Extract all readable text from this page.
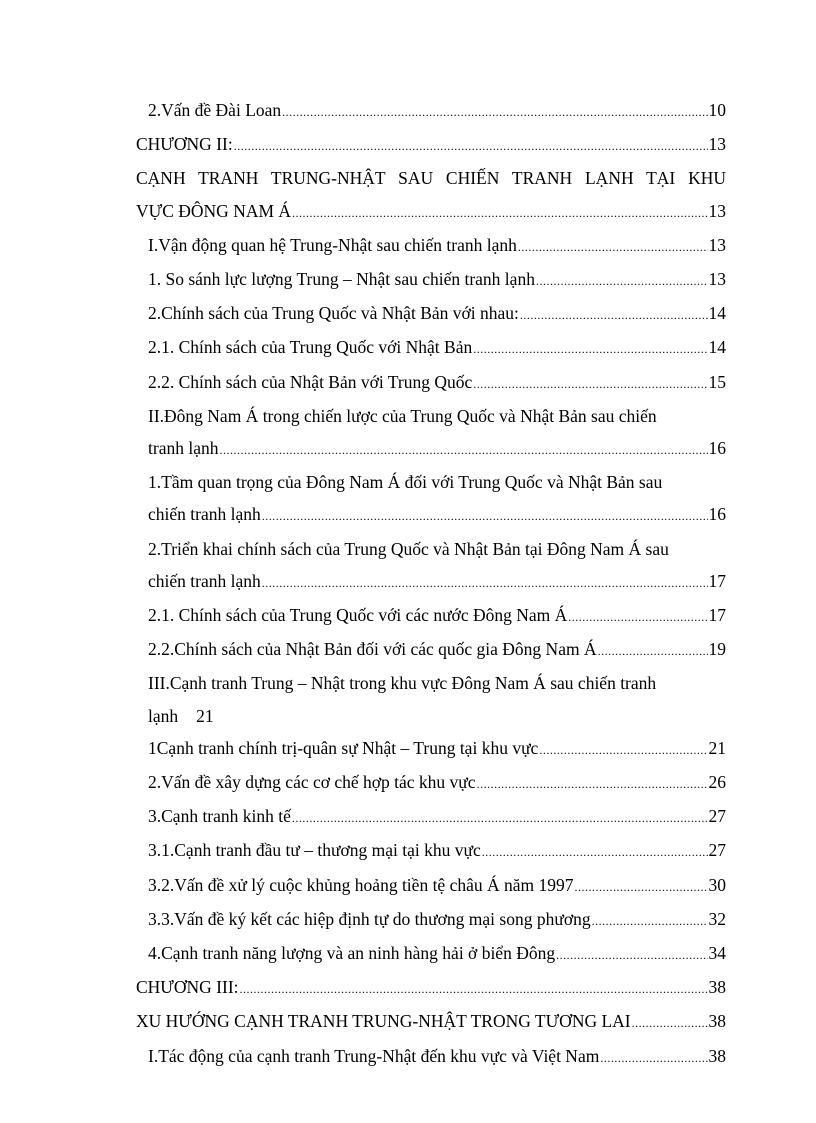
2.Vấn đề Đài Loan .....	10
CHƯƠNG II: .....	13
CẠNH TRANH TRUNG-NHẬT SAU CHIẾN TRANH LẠNH TẠI KHU
VỰC ĐÔNG NAM Á .....	13
I.Vận động quan hệ Trung-Nhật sau chiến tranh lạnh .....	13
1. So sánh lực lượng Trung – Nhật sau chiến tranh lạnh .....	13
2.Chính sách của Trung Quốc và Nhật Bản với nhau: .....	14
2.1. Chính sách của Trung Quốc với Nhật Bản .....	14
2.2. Chính sách của Nhật Bản với Trung Quốc .....	15
II.Đông Nam Á trong chiến lược của Trung Quốc và Nhật Bản sau chiến
tranh lạnh .....	16
1.Tầm quan trọng của Đông Nam Á đối với Trung Quốc và Nhật Bản sau
chiến tranh lạnh .....	16
2.Triển khai chính sách của Trung Quốc và Nhật Bản tại Đông Nam Á sau
chiến tranh lạnh .....	17
2.1. Chính sách của Trung Quốc với các nước Đông Nam Á .....	17
2.2.Chính sách của Nhật Bản đối với các quốc gia Đông Nam Á .....	19
III.Cạnh tranh Trung – Nhật trong khu vực Đông Nam Á sau chiến tranh
lạnh 21
1Cạnh tranh chính trị-quân sự Nhật – Trung tại khu vực .....	21
2.Vấn đề xây dựng các cơ chế hợp tác khu vực .....	26
3.Cạnh tranh kinh tế .....	27
3.1.Cạnh tranh đầu tư – thương mại tại khu vực .....	27
3.2.Vấn đề xử lý cuộc khủng hoảng tiền tệ châu Á năm 1997 .....	30
3.3.Vấn đề ký kết các hiệp định tự do thương mại song phương .....	32
4.Cạnh tranh năng lượng và an ninh hàng hải ở biển Đông .....	34
CHƯƠNG III: .....	38
XU HƯỚNG CẠNH TRANH TRUNG-NHẬT TRONG TƯƠNG LAI .....	38
I.Tác động của cạnh tranh Trung-Nhật đến khu vực và Việt Nam .....	38
